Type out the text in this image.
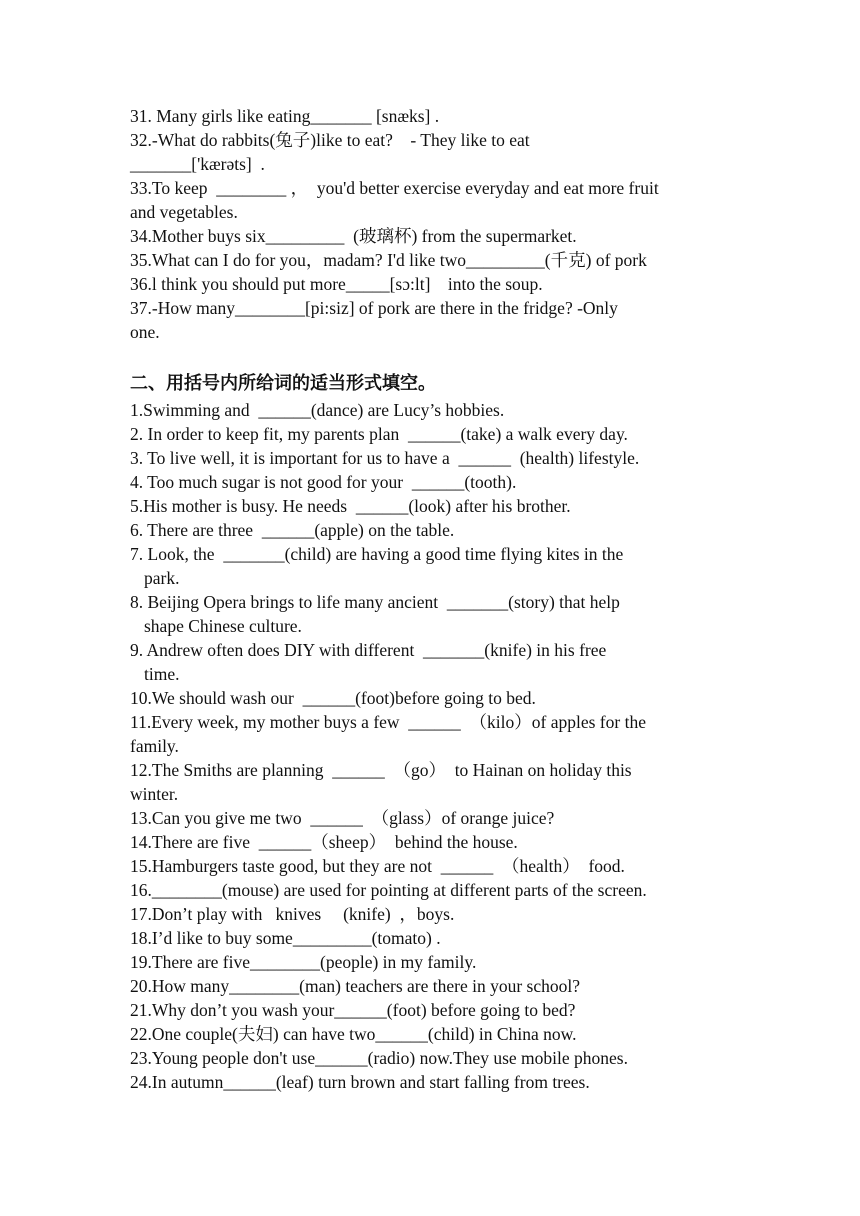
31. Many girls like eating_______ [snæks] .

32.-What do rabbits(兔子)like to eat?    - They like to eat

_______['kærəts]  .

33.To keep  ________ ，  you'd better exercise everyday and eat more fruit

and vegetables.

34.Mother buys six_________  (玻璃杯) from the supermarket.

35.What can I do for you，madam? I'd like two_________(千克) of pork

36.l think you should put more_____[sɔ:lt]    into the soup.

37.-How many________[pi:siz] of pork are there in the fridge? -Only

one.

二、用括号内所给词的适当形式填空。

1.Swimming and  ______(dance) are Lucy’s hobbies.

2. In order to keep fit, my parents plan  ______(take) a walk every day.

3. To live well, it is important for us to have a  ______  (health) lifestyle.

4. Too much sugar is not good for your  ______(tooth).

5.His mother is busy. He needs  ______(look) after his brother.

6. There are three  ______(apple) on the table.

7. Look, the  _______(child) are having a good time flying kites in the

park.

8. Beijing Opera brings to life many ancient  _______(story) that help

shape Chinese culture.

9. Andrew often does DIY with different  _______(knife) in his free

time.

10.We should wash our  ______(foot)before going to bed.

11.Every week, my mother buys a few  ______  （kilo）of apples for the

family.

12.The Smiths are planning  ______  （go）  to Hainan on holiday this

winter.

13.Can you give me two  ______  （glass）of orange juice?

14.There are five  ______（sheep）  behind the house.

15.Hamburgers taste good, but they are not  ______  （health）  food.

16.________(mouse) are used for pointing at different parts of the screen.

17.Don’t play with   knives     (knife)  ，boys.

18.I’d like to buy some_________(tomato) .

19.There are five________(people) in my family.

20.How many________(man) teachers are there in your school?

21.Why don’t you wash your______(foot) before going to bed?

22.One couple(夫妇) can have two______(child) in China now.

23.Young people don't use______(radio) now.They use mobile phones.

24.In autumn______(leaf) turn brown and start falling from trees.
